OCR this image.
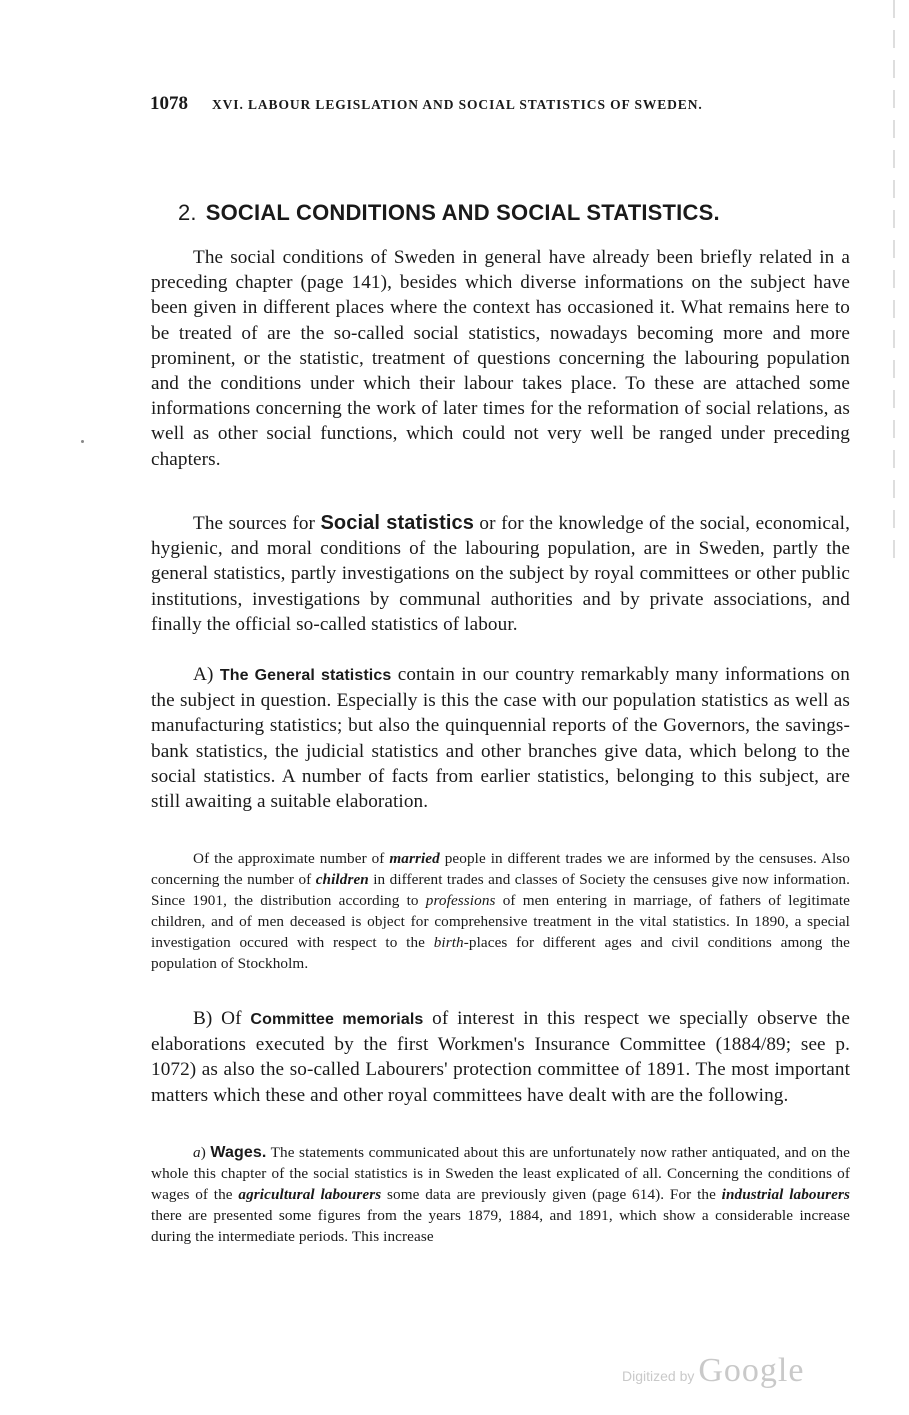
1078 XVI. LABOUR LEGISLATION AND SOCIAL STATISTICS OF SWEDEN.
2. SOCIAL CONDITIONS AND SOCIAL STATISTICS.

The social conditions of Sweden in general have already been briefly related in a preceding chapter (page 141), besides which diverse informations on the subject have been given in different places where the context has occasioned it. What remains here to be treated of are the so-called social statistics, nowadays becoming more and more prominent, or the statistic, treatment of questions concerning the labouring population and the conditions under which their labour takes place. To these are attached some informations concerning the work of later times for the reformation of social relations, as well as other social functions, which could not very well be ranged under preceding chapters.

The sources for Social statistics or for the knowledge of the social, economical, hygienic, and moral conditions of the labouring population, are in Sweden, partly the general statistics, partly investigations on the subject by royal committees or other public institutions, investigations by communal authorities and by private associations, and finally the official so-called statistics of labour.

A) The General statistics contain in our country remarkably many informations on the subject in question. Especially is this the case with our population statistics as well as manufacturing statistics; but also the quinquennial reports of the Governors, the savings-bank statistics, the judicial statistics and other branches give data, which belong to the social statistics. A number of facts from earlier statistics, belonging to this subject, are still awaiting a suitable elaboration.

Of the approximate number of married people in different trades we are informed by the censuses. Also concerning the number of children in different trades and classes of Society the censuses give now information. Since 1901, the distribution according to professions of men entering in marriage, of fathers of legitimate children, and of men deceased is object for comprehensive treatment in the vital statistics. In 1890, a special investigation occured with respect to the birth-places for different ages and civil conditions among the population of Stockholm.

B) Of Committee memorials of interest in this respect we specially observe the elaborations executed by the first Workmen's Insurance Committee (1884/89; see p. 1072) as also the so-called Labourers' protection committee of 1891. The most important matters which these and other royal committees have dealt with are the following.

a) Wages. The statements communicated about this are unfortunately now rather antiquated, and on the whole this chapter of the social statistics is in Sweden the least explicated of all. Concerning the conditions of wages of the agricultural labourers some data are previously given (page 614). For the industrial labourers there are presented some figures from the years 1879, 1884, and 1891, which show a considerable increase during the intermediate periods. This increase

Digitized by Google
